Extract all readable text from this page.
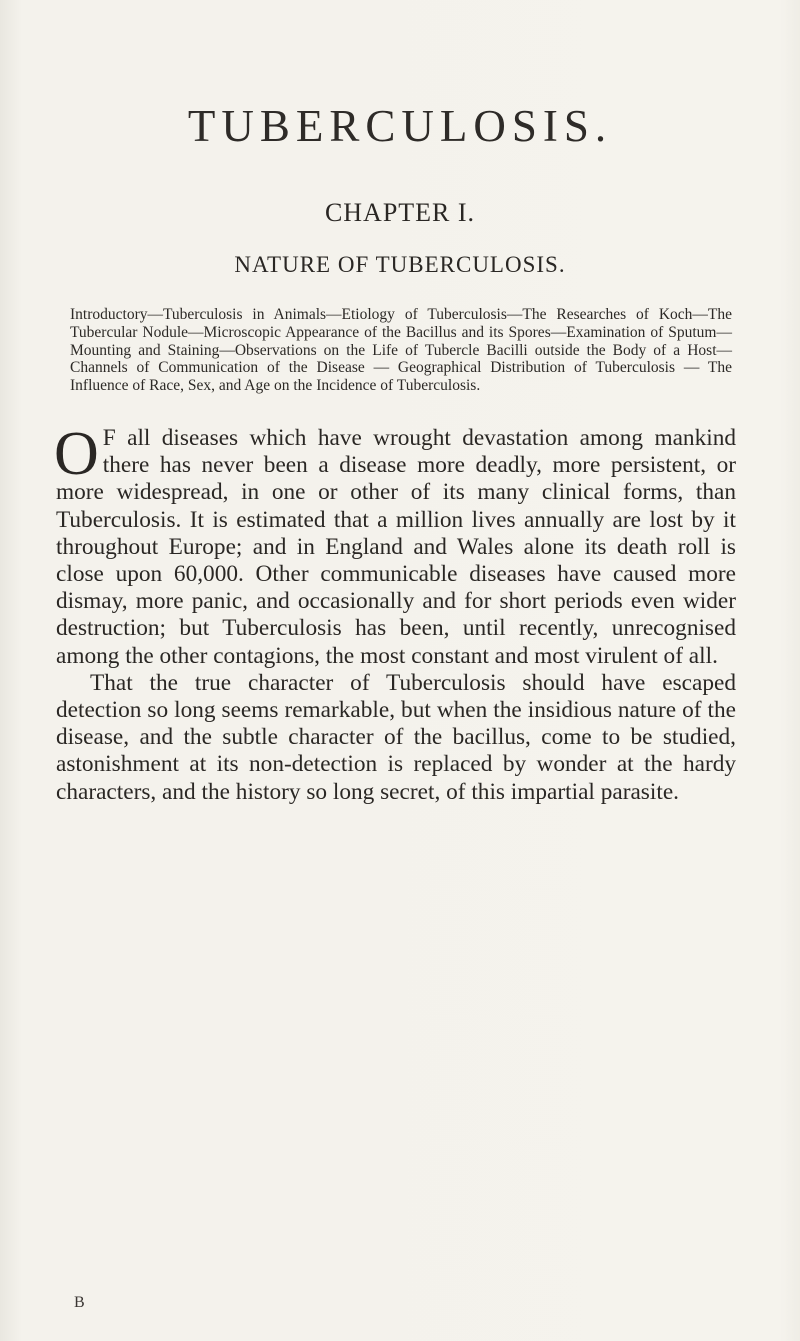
TUBERCULOSIS.
CHAPTER I.
NATURE OF TUBERCULOSIS.

Introductory—Tuberculosis in Animals—Etiology of Tuberculosis—The Researches of Koch—The Tubercular Nodule—Microscopic Appearance of the Bacillus and its Spores—Examination of Sputum—Mounting and Staining—Observations on the Life of Tubercle Bacilli outside the Body of a Host—Channels of Communication of the Disease — Geographical Distribution of Tuberculosis — The Influence of Race, Sex, and Age on the Incidence of Tuberculosis.

O F all diseases which have wrought devastation among mankind there has never been a disease more deadly, more persistent, or more widespread, in one or other of its many clinical forms, than Tuberculosis. It is estimated that a million lives annually are lost by it throughout Europe; and in England and Wales alone its death roll is close upon 60,000. Other communicable diseases have caused more dismay, more panic, and occasionally and for short periods even wider destruction; but Tuberculosis has been, until recently, unrecognised among the other contagions, the most constant and most virulent of all.

That the true character of Tuberculosis should have escaped detection so long seems remarkable, but when the insidious nature of the disease, and the subtle character of the bacillus, come to be studied, astonishment at its non-detection is replaced by wonder at the hardy characters, and the history so long secret, of this impartial parasite.

B
